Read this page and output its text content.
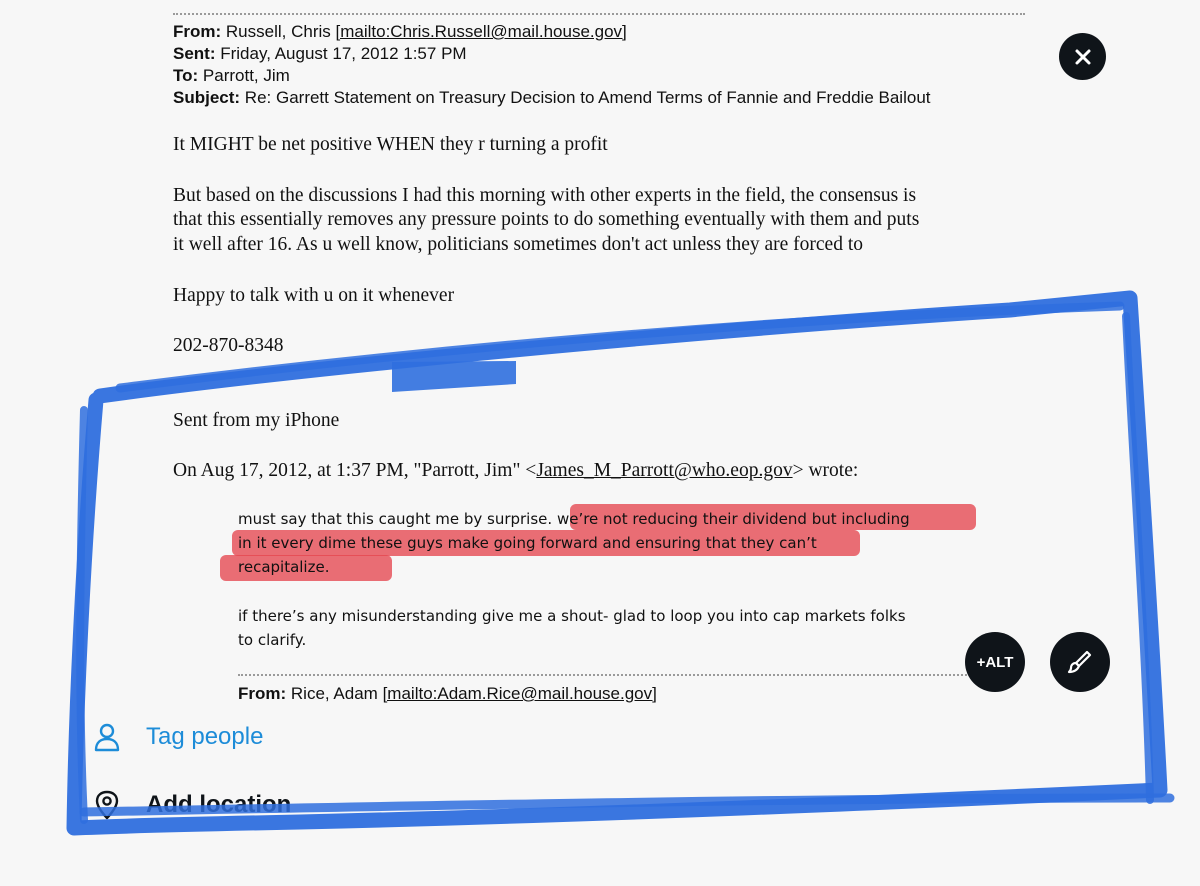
From: Russell, Chris [mailto:Chris.Russell@mail.house.gov]
Sent: Friday, August 17, 2012 1:57 PM
To: Parrott, Jim
Subject: Re: Garrett Statement on Treasury Decision to Amend Terms of Fannie and Freddie Bailout
It MIGHT be net positive WHEN they r turning a profit
But based on the discussions I had this morning with other experts in the field, the consensus is
that this essentially removes any pressure points to do something eventually with them and puts
it well after 16. As u well know, politicians sometimes don't act unless they are forced to
Happy to talk with u on it whenever
202-870-8348
Sent from my iPhone
On Aug 17, 2012, at 1:37 PM, "Parrott, Jim" <James_M_Parrott@who.eop.gov> wrote:
must say that this caught me by surprise. we’re not reducing their dividend but including
in it every dime these guys make going forward and ensuring that they can’t
recapitalize.
if there’s any misunderstanding give me a shout- glad to loop you into cap markets folks
to clarify.
From: Rice, Adam [mailto:Adam.Rice@mail.house.gov]
+ALT
Tag people
Add location
